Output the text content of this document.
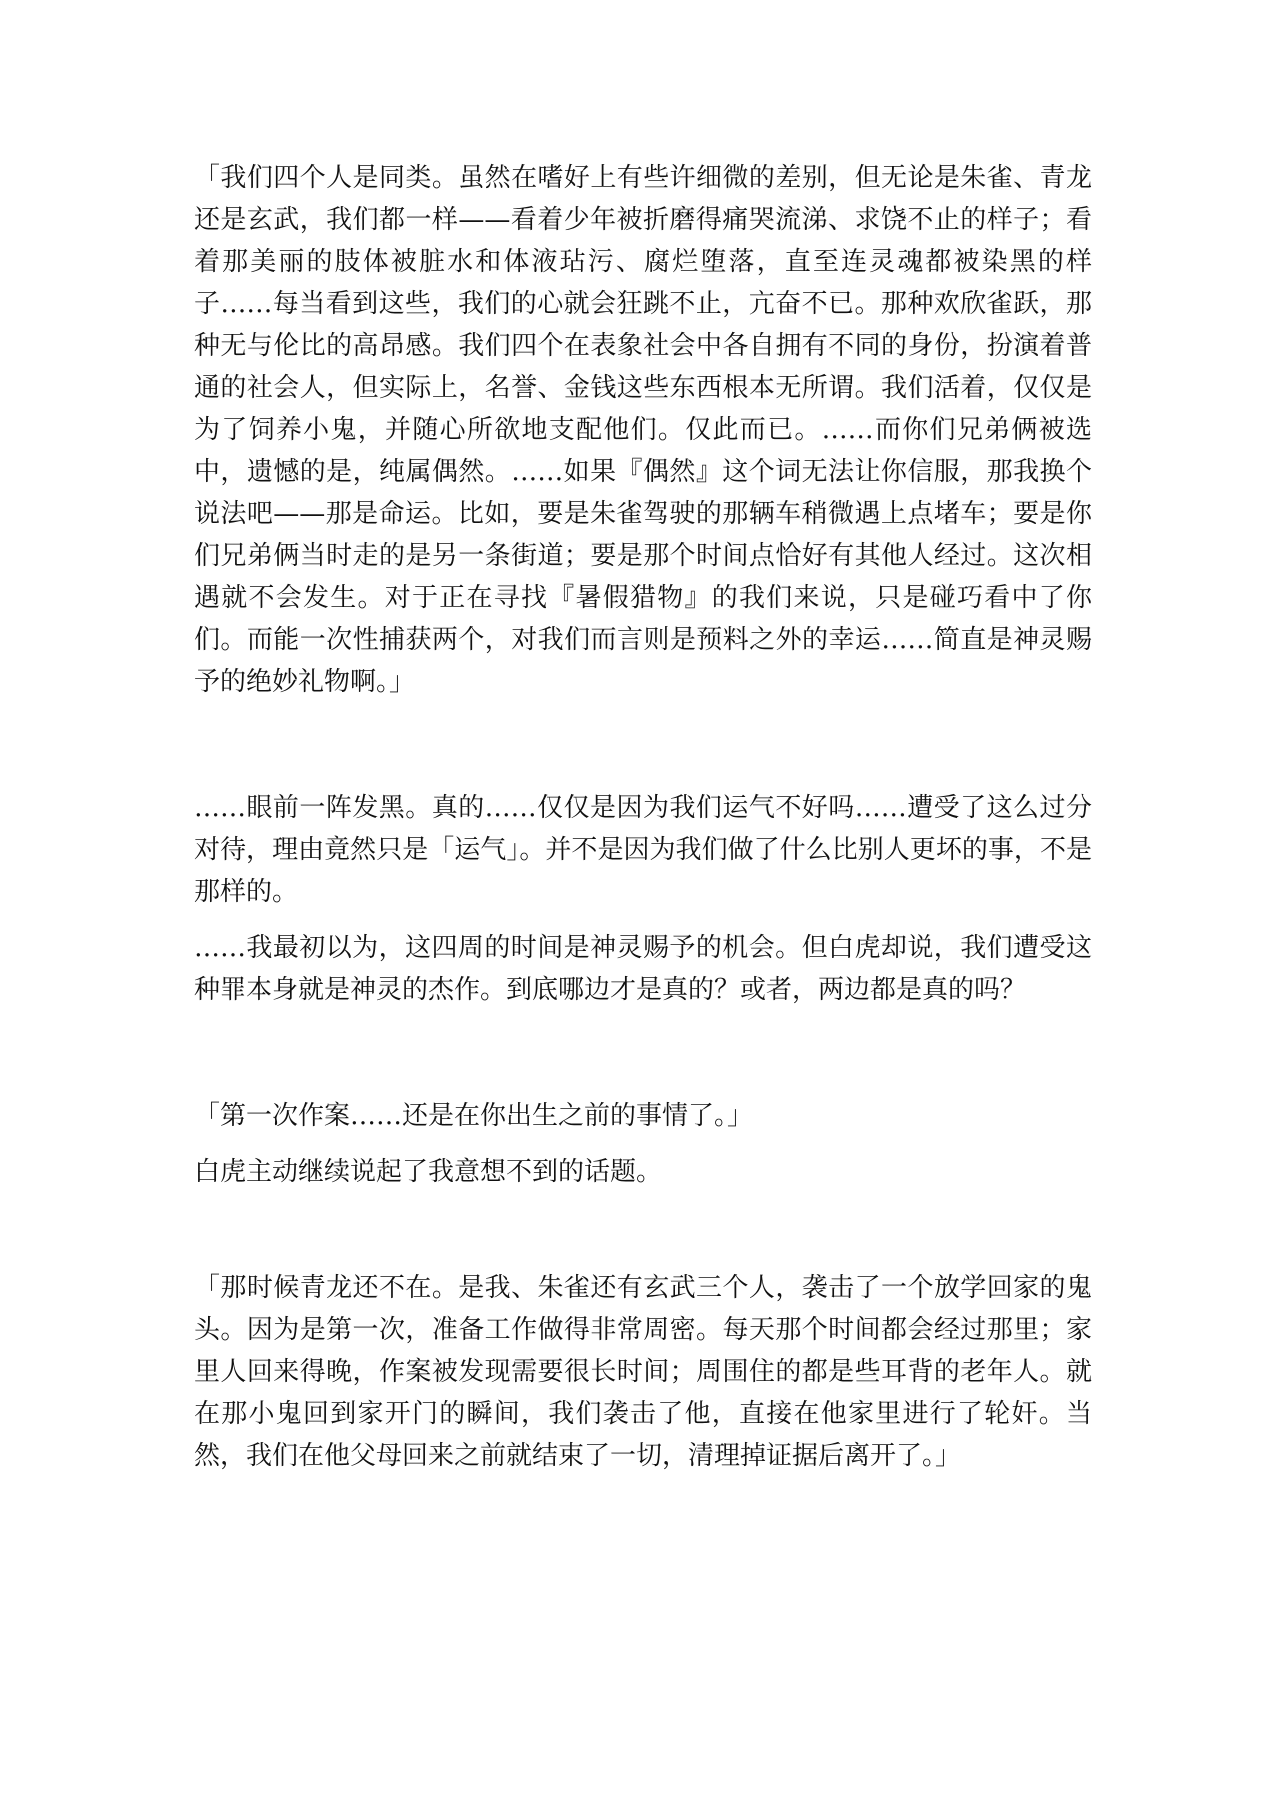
「我们四个人是同类。虽然在嗜好上有些许细微的差别，但无论是朱雀、青龙还是玄武，我们都一样——看着少年被折磨得痛哭流涕、求饶不止的样子；看着那美丽的肢体被脏水和体液玷污、腐烂堕落，直至连灵魂都被染黑的样子……每当看到这些，我们的心就会狂跳不止，亢奋不已。那种欢欣雀跃，那种无与伦比的高昂感。我们四个在表象社会中各自拥有不同的身份，扮演着普通的社会人，但实际上，名誉、金钱这些东西根本无所谓。我们活着，仅仅是为了饲养小鬼，并随心所欲地支配他们。仅此而已。……而你们兄弟俩被选中，遗憾的是，纯属偶然。……如果『偶然』这个词无法让你信服，那我换个说法吧——那是命运。比如，要是朱雀驾驶的那辆车稍微遇上点堵车；要是你们兄弟俩当时走的是另一条街道；要是那个时间点恰好有其他人经过。这次相遇就不会发生。对于正在寻找『暑假猎物』的我们来说，只是碰巧看中了你们。而能一次性捕获两个，对我们而言则是预料之外的幸运……简直是神灵赐予的绝妙礼物啊。」

……眼前一阵发黑。真的……仅仅是因为我们运气不好吗……遭受了这么过分对待，理由竟然只是「运气」。并不是因为我们做了什么比别人更坏的事，不是那样的。

……我最初以为，这四周的时间是神灵赐予的机会。但白虎却说，我们遭受这种罪本身就是神灵的杰作。到底哪边才是真的？或者，两边都是真的吗？

「第一次作案……还是在你出生之前的事情了。」

白虎主动继续说起了我意想不到的话题。

「那时候青龙还不在。是我、朱雀还有玄武三个人，袭击了一个放学回家的鬼头。因为是第一次，准备工作做得非常周密。每天那个时间都会经过那里；家里人回来得晚，作案被发现需要很长时间；周围住的都是些耳背的老年人。就在那小鬼回到家开门的瞬间，我们袭击了他，直接在他家里进行了轮奸。当然，我们在他父母回来之前就结束了一切，清理掉证据后离开了。」
